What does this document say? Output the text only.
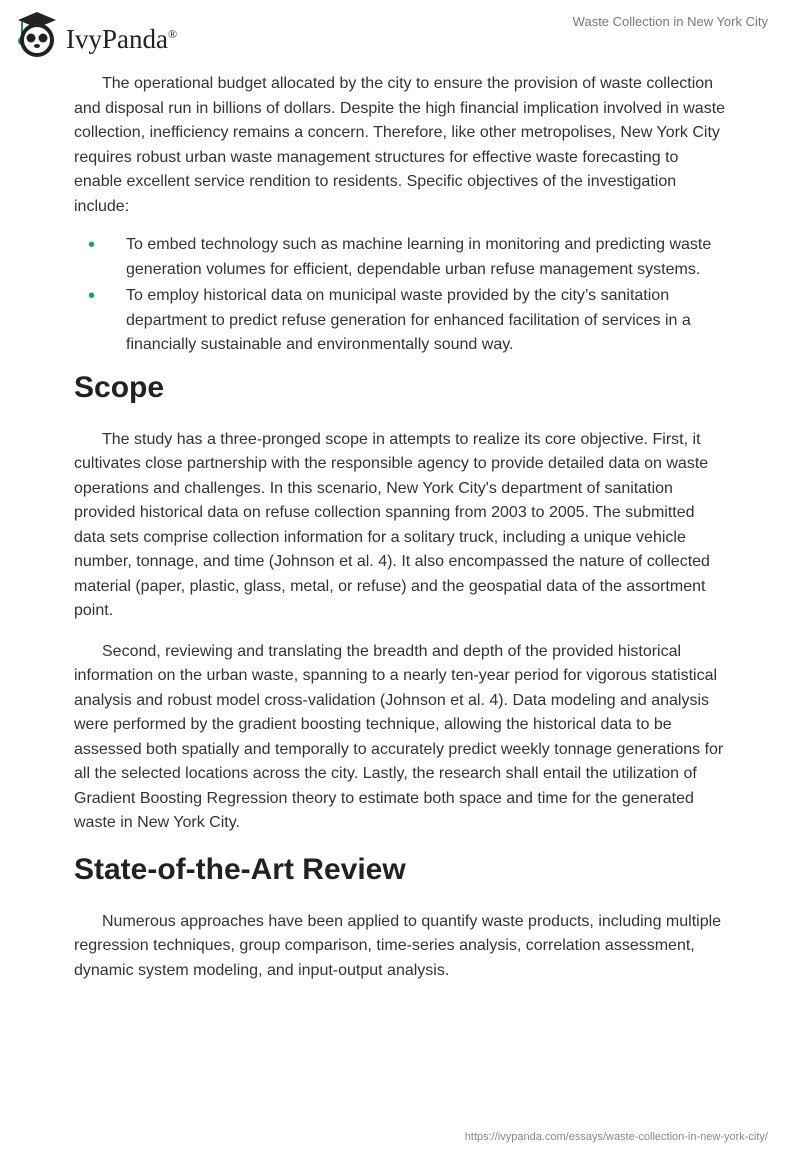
IvyPanda®
Waste Collection in New York City

The operational budget allocated by the city to ensure the provision of waste collection and disposal run in billions of dollars. Despite the high financial implication involved in waste collection, inefficiency remains a concern. Therefore, like other metropolises, New York City requires robust urban waste management structures for effective waste forecasting to enable excellent service rendition to residents. Specific objectives of the investigation include:

• To embed technology such as machine learning in monitoring and predicting waste generation volumes for efficient, dependable urban refuse management systems.
• To employ historical data on municipal waste provided by the city’s sanitation department to predict refuse generation for enhanced facilitation of services in a financially sustainable and environmentally sound way.
Scope

The study has a three-pronged scope in attempts to realize its core objective. First, it cultivates close partnership with the responsible agency to provide detailed data on waste operations and challenges. In this scenario, New York City's department of sanitation provided historical data on refuse collection spanning from 2003 to 2005. The submitted data sets comprise collection information for a solitary truck, including a unique vehicle number, tonnage, and time (Johnson et al. 4). It also encompassed the nature of collected material (paper, plastic, glass, metal, or refuse) and the geospatial data of the assortment point.

Second, reviewing and translating the breadth and depth of the provided historical information on the urban waste, spanning to a nearly ten-year period for vigorous statistical analysis and robust model cross-validation (Johnson et al. 4). Data modeling and analysis were performed by the gradient boosting technique, allowing the historical data to be assessed both spatially and temporally to accurately predict weekly tonnage generations for all the selected locations across the city. Lastly, the research shall entail the utilization of Gradient Boosting Regression theory to estimate both space and time for the generated waste in New York City.

State-of-the-Art Review

Numerous approaches have been applied to quantify waste products, including multiple regression techniques, group comparison, time-series analysis, correlation assessment, dynamic system modeling, and input-output analysis.

https://ivypanda.com/essays/waste-collection-in-new-york-city/
